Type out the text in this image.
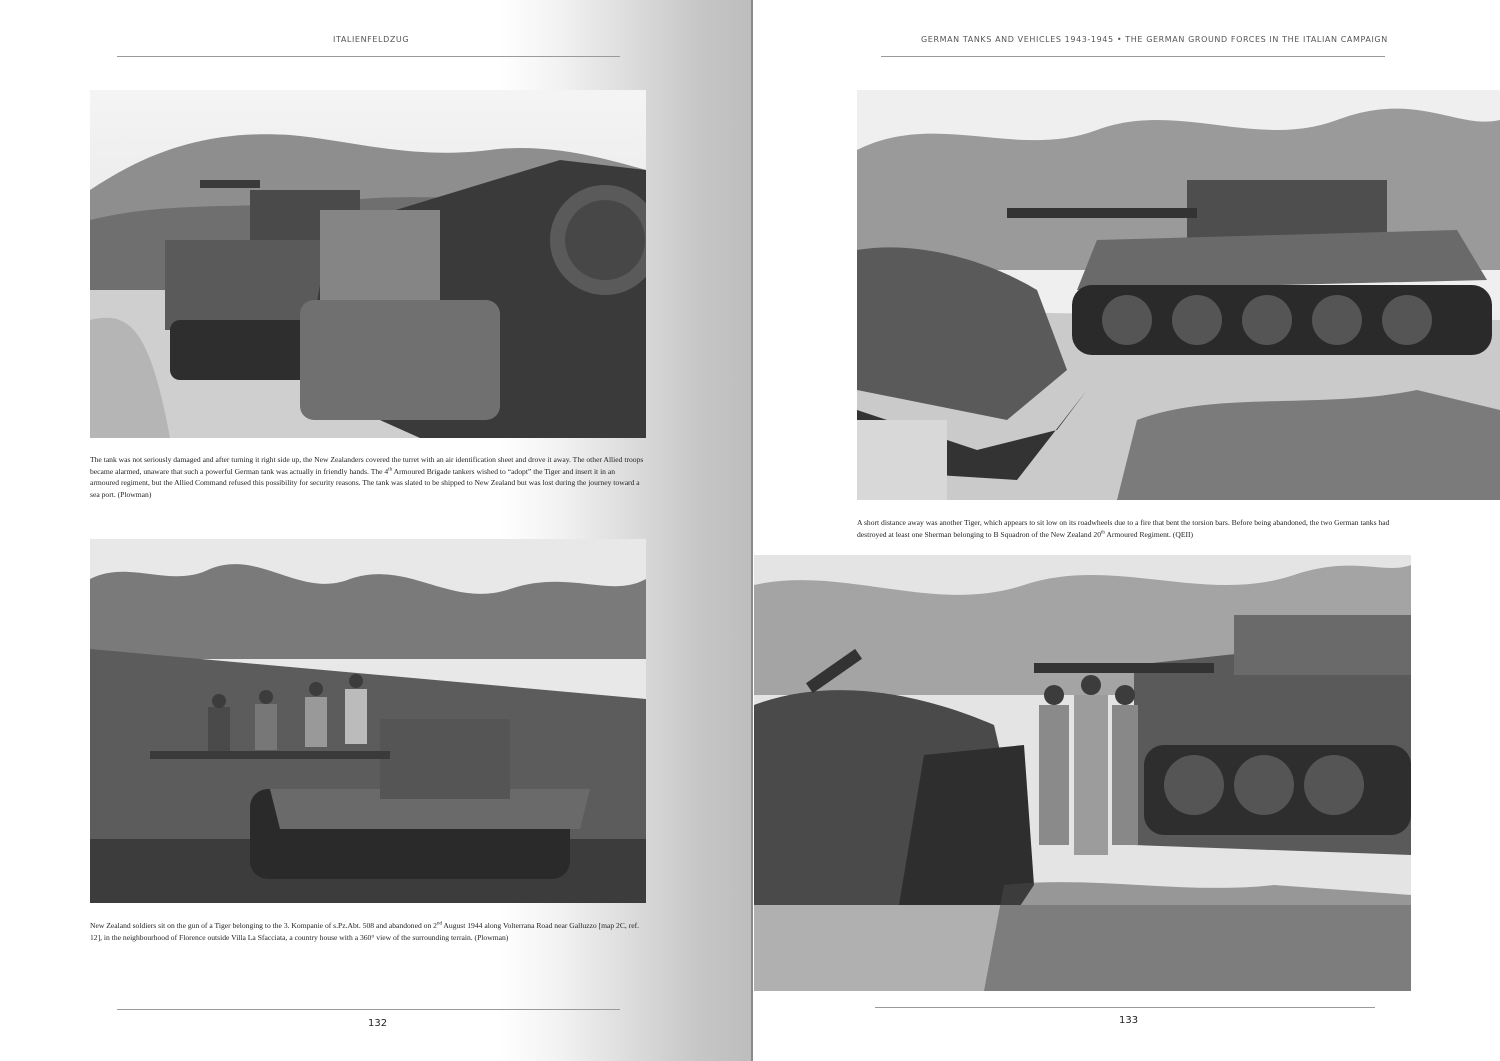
ITALIENFELDZUG
The tank was not seriously damaged and after turning it right side up, the New Zealanders covered the turret with an air identification sheet and drove it away. The other Allied troops became alarmed, unaware that such a powerful German tank was actually in friendly hands. The 4th Armoured Brigade tankers wished to “adopt” the Tiger and insert it in an armoured regiment, but the Allied Command refused this possibility for security reasons. The tank was slated to be shipped to New Zealand but was lost during the journey toward a sea port. (Plowman)
New Zealand soldiers sit on the gun of a Tiger belonging to the 3. Kompanie of s.Pz.Abt. 508 and abandoned on 2nd August 1944 along Volterrana Road near Galluzzo [map 2C, ref. 12], in the neighbourhood of Florence outside Villa La Sfacciata, a country house with a 360° view of the surrounding terrain. (Plowman)
132
GERMAN TANKS AND VEHICLES 1943-1945 • THE GERMAN GROUND FORCES IN THE ITALIAN CAMPAIGN
A short distance away was another Tiger, which appears to sit low on its roadwheels due to a fire that bent the torsion bars. Before being abandoned, the two German tanks had destroyed at least one Sherman belonging to B Squadron of the New Zealand 20th Armoured Regiment. (QEII)
133
